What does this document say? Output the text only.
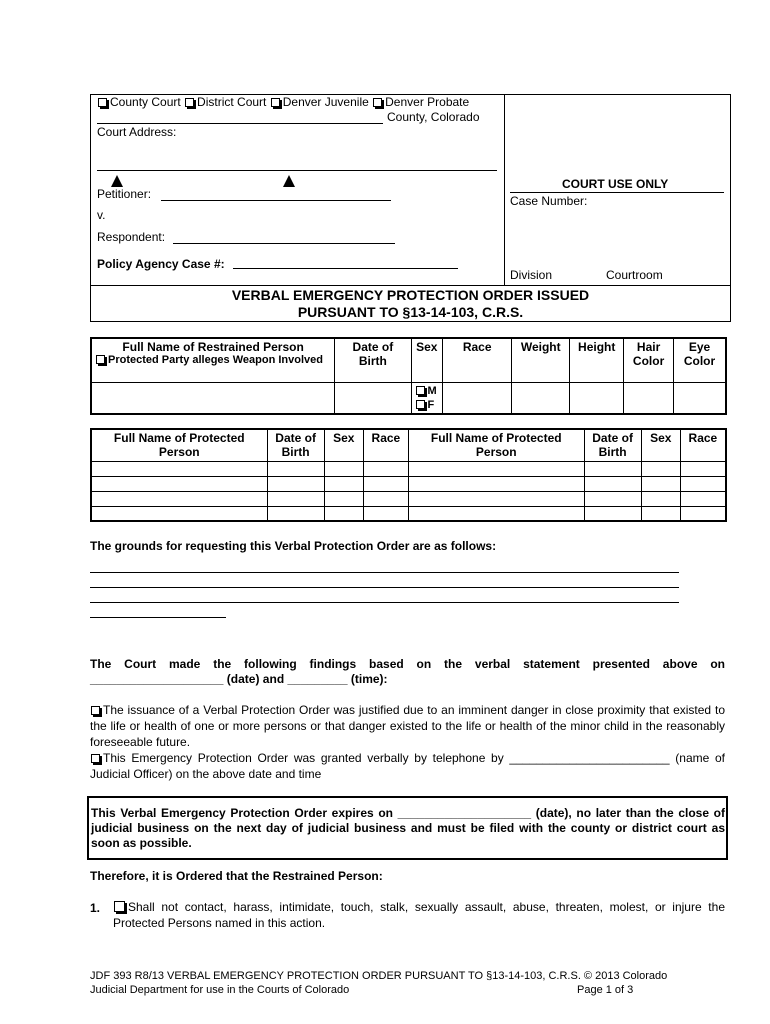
County Court District Court Denver Juvenile Denver Probate
County, Colorado
Court Address:
Petitioner:
v.
Respondent:
Policy Agency Case #:
COURT USE ONLY
Case Number:
Division	Courtroom
VERBAL EMERGENCY PROTECTION ORDER ISSUED
PURSUANT TO §13-14-103, C.R.S.
Full Name of Restrained Person
Protected Party alleges Weapon Involved	Date of Birth	Sex	Race	Weight	Height	Hair Color	Eye Color

		M
F					

Full Name of Protected Person	Date of Birth	Sex	Race	Full Name of Protected Person	Date of Birth	Sex	Race

The grounds for requesting this Verbal Protection Order are as follows:
The Court made the following findings based on the verbal statement presented above on
____________________ (date) and _________ (time):
The issuance of a Verbal Protection Order was justified due to an imminent danger in close proximity that existed to the life or health of one or more persons or that danger existed to the life or health of the minor child in the reasonably foreseeable future.
This Emergency Protection Order was granted verbally by telephone by ________________________ (name of Judicial Officer) on the above date and time
This Verbal Emergency Protection Order expires on ____________________ (date), no later than the close of judicial business on the next day of judicial business and must be filed with the county or district court as soon as possible.
Therefore, it is Ordered that the Restrained Person:
1.	Shall not contact, harass, intimidate, touch, stalk, sexually assault, abuse, threaten, molest, or injure the Protected Persons named in this action.
JDF 393 R8/13 VERBAL EMERGENCY PROTECTION ORDER PURSUANT TO §13-14-103, C.R.S. © 2013 Colorado
Judicial Department for use in the Courts of Colorado	Page 1 of 3
